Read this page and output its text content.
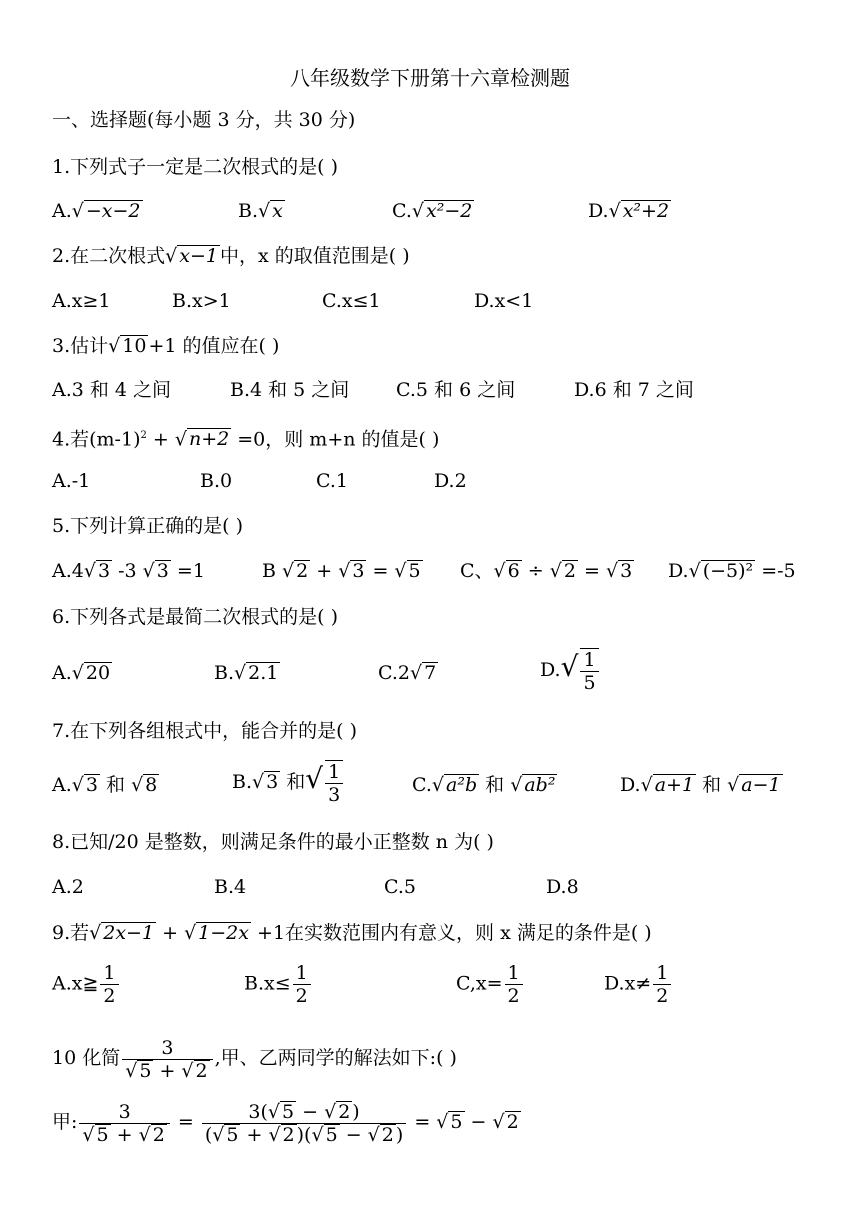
八年级数学下册第十六章检测题
一、选择题(每小题 3 分，共 30 分)
1.下列式子一定是二次根式的是( )
A.√ −x−2	B.√ x	C.√ x²−2	D.√ x²+2
2.在二次根式√ x−1 中，x 的取值范围是( )
A.x≥1	B.x>1	C.x≤1	D.x<1
3.估计√ 10 +1 的值应在( )
A.3 和 4 之间	B.4 和 5 之间 C.5 和 6 之间	D.6 和 7 之间
4.若$(m-1)^2$ + √ n+2 =0，则 m+n 的值是( )
A.-1	B.0	C.1	D.2
5.下列计算正确的是( )
A.4√ 3 -3 √ 3 =1	B √ 2 + √ 3 = √ 5 C、√ 6 ÷ √ 2 = √ 3 D.√ (−5)² =-5
6.下列各式是最简二次根式的是( )
A.√ 20	B.√ 2.1	C.2√ 7	$D.√ \frac{1}{5}$
7.在下列各组根式中，能合并的是( )
A.√ 3 和 √ 8	B.√ 3 和√ $\frac{1}{3}$	C.√ a²b 和 √ ab²	D.√ a+1 和 √ a−1
8.已知/20 是整数，则满足条件的最小正整数 n 为( )
A.2	B.4	C.5	D.8
9.若√ 2x−1 + √ 1−2x +1在实数范围内有意义，则 x 满足的条件是( )
A.x≧ $\frac{1}{2}$	$B.x\le \frac{1}{2}$	$C,x= \frac{1}{2}$	$D.x\ne \frac{1}{2}$
10 化简 $\frac{3}{√ 5 + √ 2}$ ,甲、乙两同学的解法如下:( )
甲: $\frac{3}{√ 5 + √ 2} = \frac{3(√ 5 - √ 2 )}{(√ 5 + √ 2 )(√ 5 - √ 2 )}$ = √ 5 − √ 2
